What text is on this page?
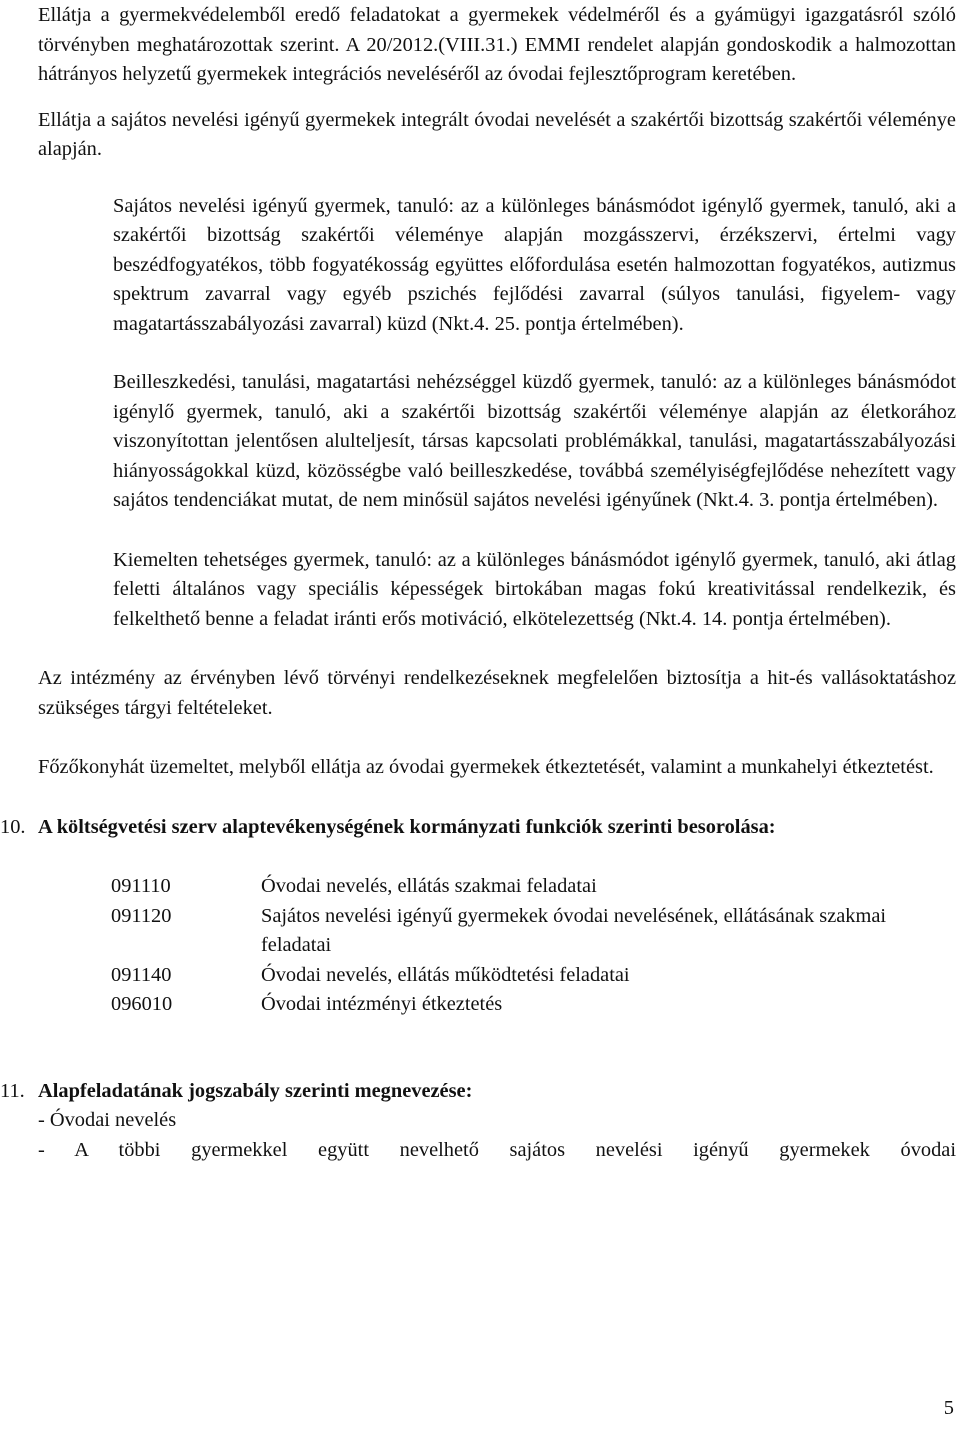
Ellátja a gyermekvédelemből eredő feladatokat a gyermekek védelméről és a gyámügyi igazgatásról szóló törvényben meghatározottak szerint. A 20/2012.(VIII.31.) EMMI rendelet alapján gondoskodik a halmozottan hátrányos helyzetű gyermekek integrációs neveléséről az óvodai fejlesztőprogram keretében.

Ellátja a sajátos nevelési igényű gyermekek integrált óvodai nevelését a szakértői bizottság szakértői véleménye alapján.

Sajátos nevelési igényű gyermek, tanuló: az a különleges bánásmódot igénylő gyermek, tanuló, aki a szakértői bizottság szakértői véleménye alapján mozgásszervi, érzékszervi, értelmi vagy beszédfogyatékos, több fogyatékosság együttes előfordulása esetén halmozottan fogyatékos, autizmus spektrum zavarral vagy egyéb pszichés fejlődési zavarral (súlyos tanulási, figyelem- vagy magatartásszabályozási zavarral) küzd (Nkt.4. 25. pontja értelmében).

Beilleszkedési, tanulási, magatartási nehézséggel küzdő gyermek, tanuló: az a különleges bánásmódot igénylő gyermek, tanuló, aki a szakértői bizottság szakértői véleménye alapján az életkorához viszonyítottan jelentősen alulteljesít, társas kapcsolati problémákkal, tanulási, magatartásszabályozási hiányosságokkal küzd, közösségbe való beilleszkedése, továbbá személyiségfejlődése nehezített vagy sajátos tendenciákat mutat, de nem minősül sajátos nevelési igényűnek (Nkt.4. 3. pontja értelmében).

Kiemelten tehetséges gyermek, tanuló: az a különleges bánásmódot igénylő gyermek, tanuló, aki átlag feletti általános vagy speciális képességek birtokában magas fokú kreativitással rendelkezik, és felkelthető benne a feladat iránti erős motiváció, elkötelezettség (Nkt.4. 14. pontja értelmében).

Az intézmény az érvényben lévő törvényi rendelkezéseknek megfelelően biztosítja a hit-és vallásoktatáshoz szükséges tárgyi feltételeket.

Főzőkonyhát üzemeltet, melyből ellátja az óvodai gyermekek étkeztetését, valamint a munkahelyi étkeztetést.

10. A költségvetési szerv alaptevékenységének kormányzati funkciók szerinti besorolása:
091110	Óvodai nevelés, ellátás szakmai feladatai
091120	Sajátos nevelési igényű gyermekek óvodai nevelésének, ellátásának szakmai feladatai
091140	Óvodai nevelés, ellátás működtetési feladatai
096010	Óvodai intézményi étkeztetés
11. Alapfeladatának jogszabály szerinti megnevezése:
- Óvodai nevelés
- A többi gyermekkel együtt nevelhető sajátos nevelési igényű gyermekek óvodai
5
